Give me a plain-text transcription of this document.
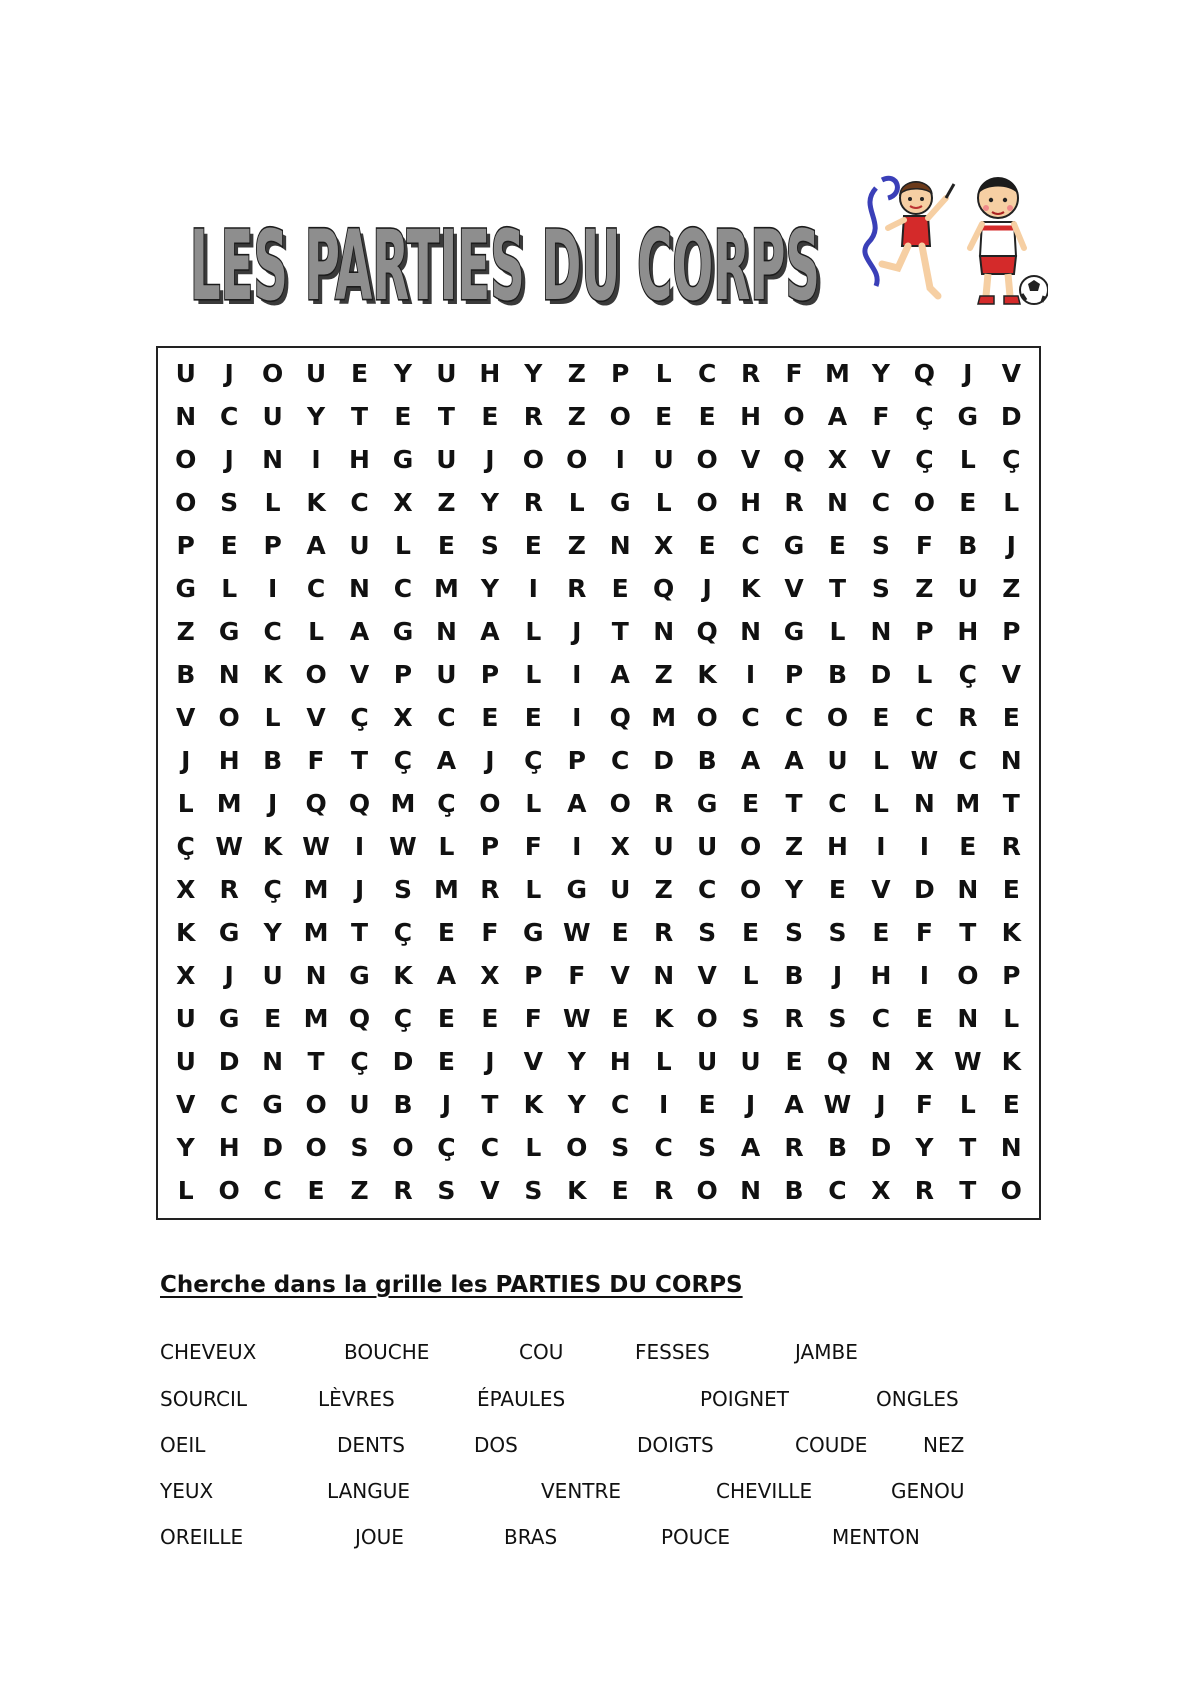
LES PARTIES DU CORPS
LES PARTIES DU CORPS
U	J	O U E	Y U H Y	Z	P	L	C R	F M Y Q	J	V
N C U Y	T	E	T	E	R Z O E	E H O A	F	Ç G D
O	J	N	I	H G U	J	O O	I	U O V Q X V Ç	L	Ç
O S	L	K C X Z	Y R	L	G	L O H R N C O E	L
P	E	P A U	L	E	S	E	Z N X	E	C G E	S	F	B	J
G	L	I	C N C M Y	I	R	E Q	J	K V	T	S	Z U Z
Z G C	L	A G N A	L	J	T N Q N G	L	N P H P
B N K O V P U P	L	I	A Z K	I	P B D	L	Ç V
V O L	V Ç X C	E	E	I	Q M O C	C O E	C R	E
J	H B	F	T	Ç A	J	Ç	P	C D B A A U	L W C N
L M	J	Q Q M Ç O L	A O R G E	T	C	L	N M T
Ç W K W	I	W L	P	F	I	X U U O Z H	I	I	E	R
X R Ç M	J	S M R	L	G U Z	C O Y	E	V D N E
K G Y M T	Ç	E	F G W E	R S	E	S	S	E	F	T	K
X	J	U N G K A X P	F	V N V	L	B	J	H	I	O P
U G E M Q Ç	E	E	F W E	K O S R S	C	E N	L
U D N T	Ç D E	J	V Y H	L	U U E Q N X W K
V C G O U B	J	T	K Y	C	I	E	J	A W	J	F	L	E
Y H D O S O Ç	C	L O S	C	S A R B D Y	T N
L O C	E	Z R S V S K	E	R O N B C X R	T O
Cherche dans la grille les PARTIES DU CORPS
CHEVEUX	BOUCHE	COU	FESSES	JAMBE
SOURCIL	LÈVRES	ÉPAULES	POIGNET	ONGLES
OEIL	DENTS	DOS	DOIGTS	COUDE	NEZ
YEUX	LANGUE	VENTRE	CHEVILLE	GENOU
OREILLE	JOUE	BRAS	POUCE	MENTON
